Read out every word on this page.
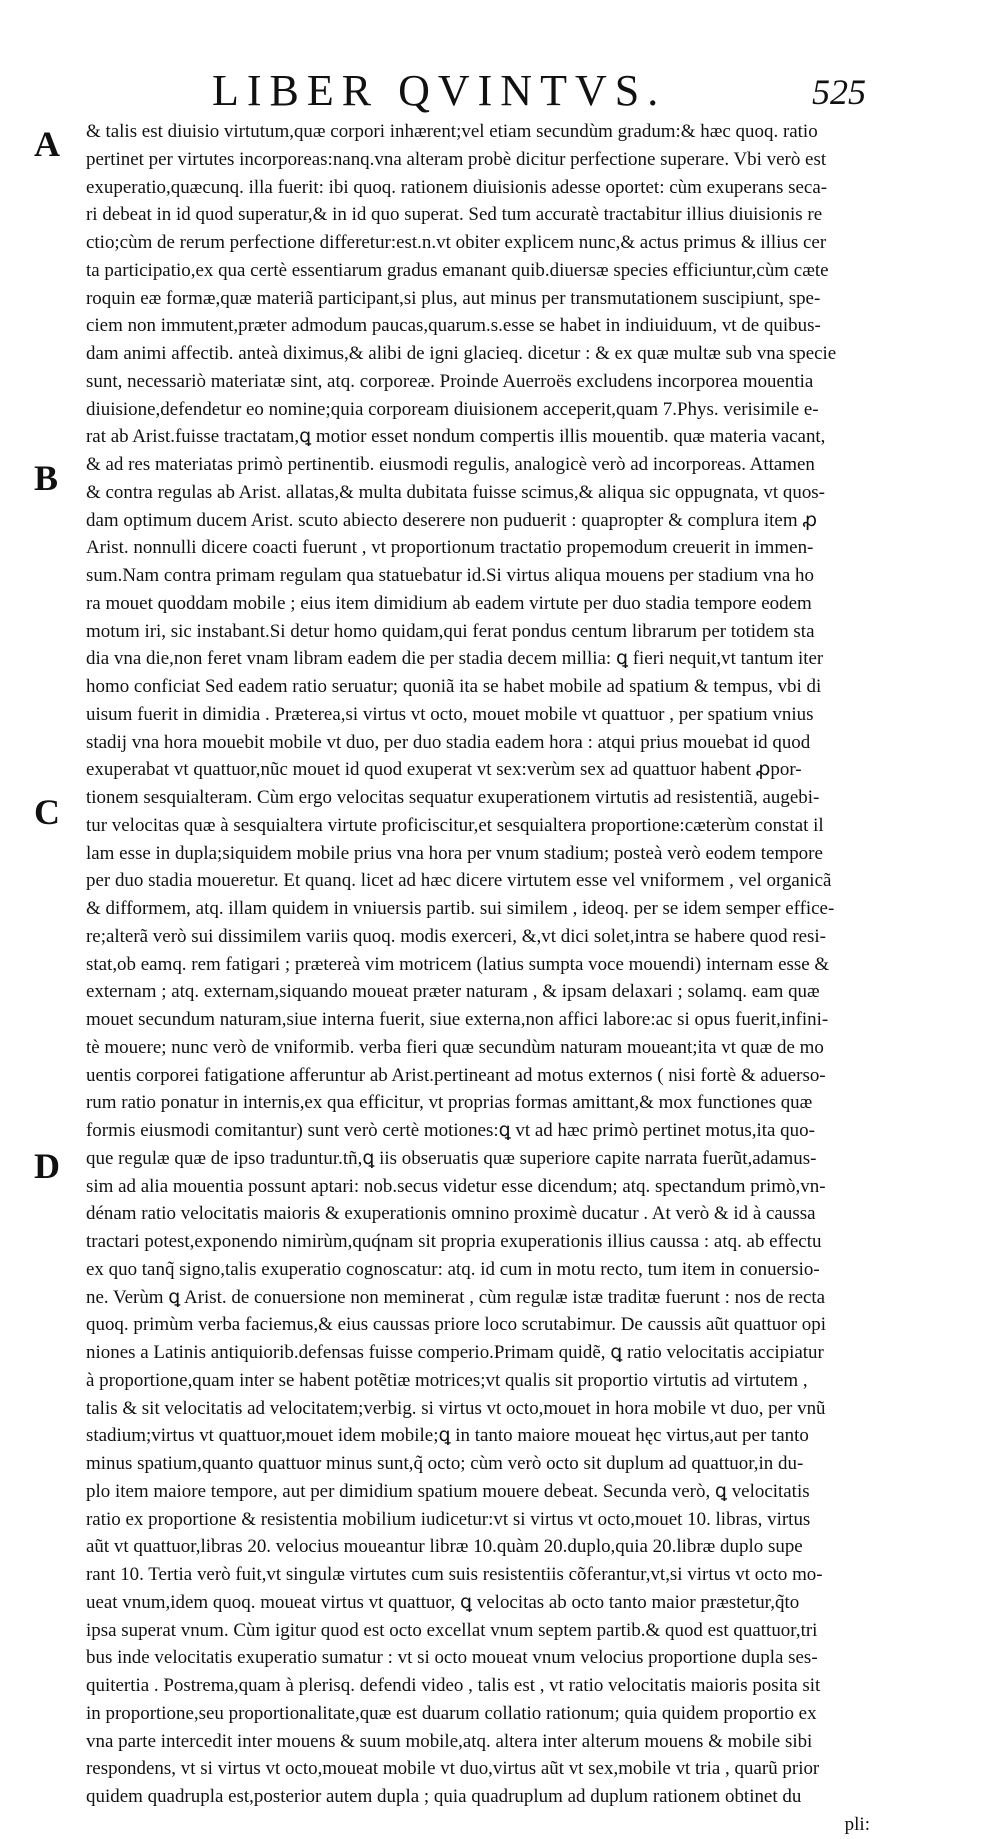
LIBER QVINTVS.	525
A
B
C
D
& talis est diuisio virtutum,quæ corpori inhærent;vel etiam secundùm gradum:& hæc quoq. ratio
pertinet per virtutes incorporeas:nanq.vna alteram probè dicitur perfectione superare. Vbi verò est
exuperatio,quæcunq. illa fuerit: ibi quoq. rationem diuisionis adesse oportet: cùm exuperans seca-
ri debeat in id quod superatur,& in id quo superat. Sed tum accuratè tractabitur illius diuisionis re
ctio;cùm de rerum perfectione differetur:est.n.vt obiter explicem nunc,& actus primus & illius cer
ta participatio,ex qua certè essentiarum gradus emanant quib.diuersæ species efficiuntur,cùm cæte
roquin eæ formæ,quæ materiã participant,si plus, aut minus per transmutationem suscipiunt, spe-
ciem non immutent,præter admodum paucas,quarum.s.esse se habet in indiuiduum, vt de quibus-
dam animi affectib. anteà diximus,& alibi de igni glacieq. dicetur : & ex quæ multæ sub vna specie
sunt, necessariò materiatæ sint, atq. corporeæ. Proinde Auerroës excludens incorporea mouentia
diuisione,defendetur eo nomine;quia corpoream diuisionem acceperit,quam 7.Phys. verisimile e-
rat ab Arist.fuisse tractatam,ꝗ motior esset nondum compertis illis mouentib. quæ materia vacant,
& ad res materiatas primò pertinentib. eiusmodi regulis, analogicè verò ad incorporeas. Attamen
& contra regulas ab Arist. allatas,& multa dubitata fuisse scimus,& aliqua sic oppugnata, vt quos-
dam optimum ducem Arist. scuto abiecto deserere non puduerit : quapropter & complura item ꝓ
Arist. nonnulli dicere coacti fuerunt , vt proportionum tractatio propemodum creuerit in immen-
sum.Nam contra primam regulam qua statuebatur id.Si virtus aliqua mouens per stadium vna ho
ra mouet quoddam mobile ; eius item dimidium ab eadem virtute per duo stadia tempore eodem
motum iri, sic instabant.Si detur homo quidam,qui ferat pondus centum librarum per totidem sta
dia vna die,non feret vnam libram eadem die per stadia decem millia: ꝗ fieri nequit,vt tantum iter
homo conficiat Sed eadem ratio seruatur; quoniã ita se habet mobile ad spatium & tempus, vbi di
uisum fuerit in dimidia . Præterea,si virtus vt octo, mouet mobile vt quattuor , per spatium vnius
stadij vna hora mouebit mobile vt duo, per duo stadia eadem hora : atqui prius mouebat id quod
exuperabat vt quattuor,nũc mouet id quod exuperat vt sex:verùm sex ad quattuor habent ꝓpor-
tionem sesquialteram. Cùm ergo velocitas sequatur exuperationem virtutis ad resistentiã, augebi-
tur velocitas quæ à sesquialtera virtute proficiscitur,et sesquialtera proportione:cæterùm constat il
lam esse in dupla;siquidem mobile prius vna hora per vnum stadium; posteà verò eodem tempore
per duo stadia moueretur. Et quanq. licet ad hæc dicere virtutem esse vel vniformem , vel organicã
& difformem, atq. illam quidem in vniuersis partib. sui similem , ideoq. per se idem semper effice-
re;alterã verò sui dissimilem variis quoq. modis exerceri, &,vt dici solet,intra se habere quod resi-
stat,ob eamq. rem fatigari ; prætereà vim motricem (latius sumpta voce mouendi) internam esse &
externam ; atq. externam,siquando moueat præter naturam , & ipsam delaxari ; solamq. eam quæ
mouet secundum naturam,siue interna fuerit, siue externa,non affici labore:ac si opus fuerit,infini-
tè mouere; nunc verò de vniformib. verba fieri quæ secundùm naturam moueant;ita vt quæ de mo
uentis corporei fatigatione afferuntur ab Arist.pertineant ad motus externos ( nisi fortè & aduerso-
rum ratio ponatur in internis,ex qua efficitur, vt proprias formas amittant,& mox functiones quæ
formis eiusmodi comitantur) sunt verò certè motiones:ꝗ vt ad hæc primò pertinet motus,ita quo-
que regulæ quæ de ipso traduntur.tñ,ꝗ iis obseruatis quæ superiore capite narrata fuerũt,adamus-
sim ad alia mouentia possunt aptari: nob.secus videtur esse dicendum; atq. spectandum primò,vn-
dénam ratio velocitatis maioris & exuperationis omnino proximè ducatur . At verò & id à caussa
tractari potest,exponendo nimirùm,quq́nam sit propria exuperationis illius caussa : atq. ab effectu
ex quo tanq̃ signo,talis exuperatio cognoscatur: atq. id cum in motu recto, tum item in conuersio-
ne. Verùm ꝗ Arist. de conuersione non meminerat , cùm regulæ istæ traditæ fuerunt : nos de recta
quoq. primùm verba faciemus,& eius caussas priore loco scrutabimur. De caussis aũt quattuor opi
niones a Latinis antiquiorib.defensas fuisse comperio.Primam quidẽ, ꝗ ratio velocitatis accipiatur
à proportione,quam inter se habent potẽtiæ motrices;vt qualis sit proportio virtutis ad virtutem ,
talis & sit velocitatis ad velocitatem;verbig. si virtus vt octo,mouet in hora mobile vt duo, per vnũ
stadium;virtus vt quattuor,mouet idem mobile;ꝗ in tanto maiore moueat hęc virtus,aut per tanto
minus spatium,quanto quattuor minus sunt,q̃ octo; cùm verò octo sit duplum ad quattuor,in du-
plo item maiore tempore, aut per dimidium spatium mouere debeat. Secunda verò, ꝗ velocitatis
ratio ex proportione & resistentia mobilium iudicetur:vt si virtus vt octo,mouet 10. libras, virtus
aũt vt quattuor,libras 20. velocius moueantur libræ 10.quàm 20.duplo,quia 20.libræ duplo supe
rant 10. Tertia verò fuit,vt singulæ virtutes cum suis resistentiis cõferantur,vt,si virtus vt octo mo-
ueat vnum,idem quoq. moueat virtus vt quattuor, ꝗ velocitas ab octo tanto maior præstetur,q̃to
ipsa superat vnum. Cùm igitur quod est octo excellat vnum septem partib.& quod est quattuor,tri
bus inde velocitatis exuperatio sumatur : vt si octo moueat vnum velocius proportione dupla ses-
quitertia . Postrema,quam à plerisq. defendi video , talis est , vt ratio velocitatis maioris posita sit
in proportione,seu proportionalitate,quæ est duarum collatio rationum; quia quidem proportio ex
vna parte intercedit inter mouens & suum mobile,atq. altera inter alterum mouens & mobile sibi
respondens, vt si virtus vt octo,moueat mobile vt duo,virtus aũt vt sex,mobile vt tria , quarũ prior
quidem quadrupla est,posterior autem dupla ; quia quadruplum ad duplum rationem obtinet du
pli:
